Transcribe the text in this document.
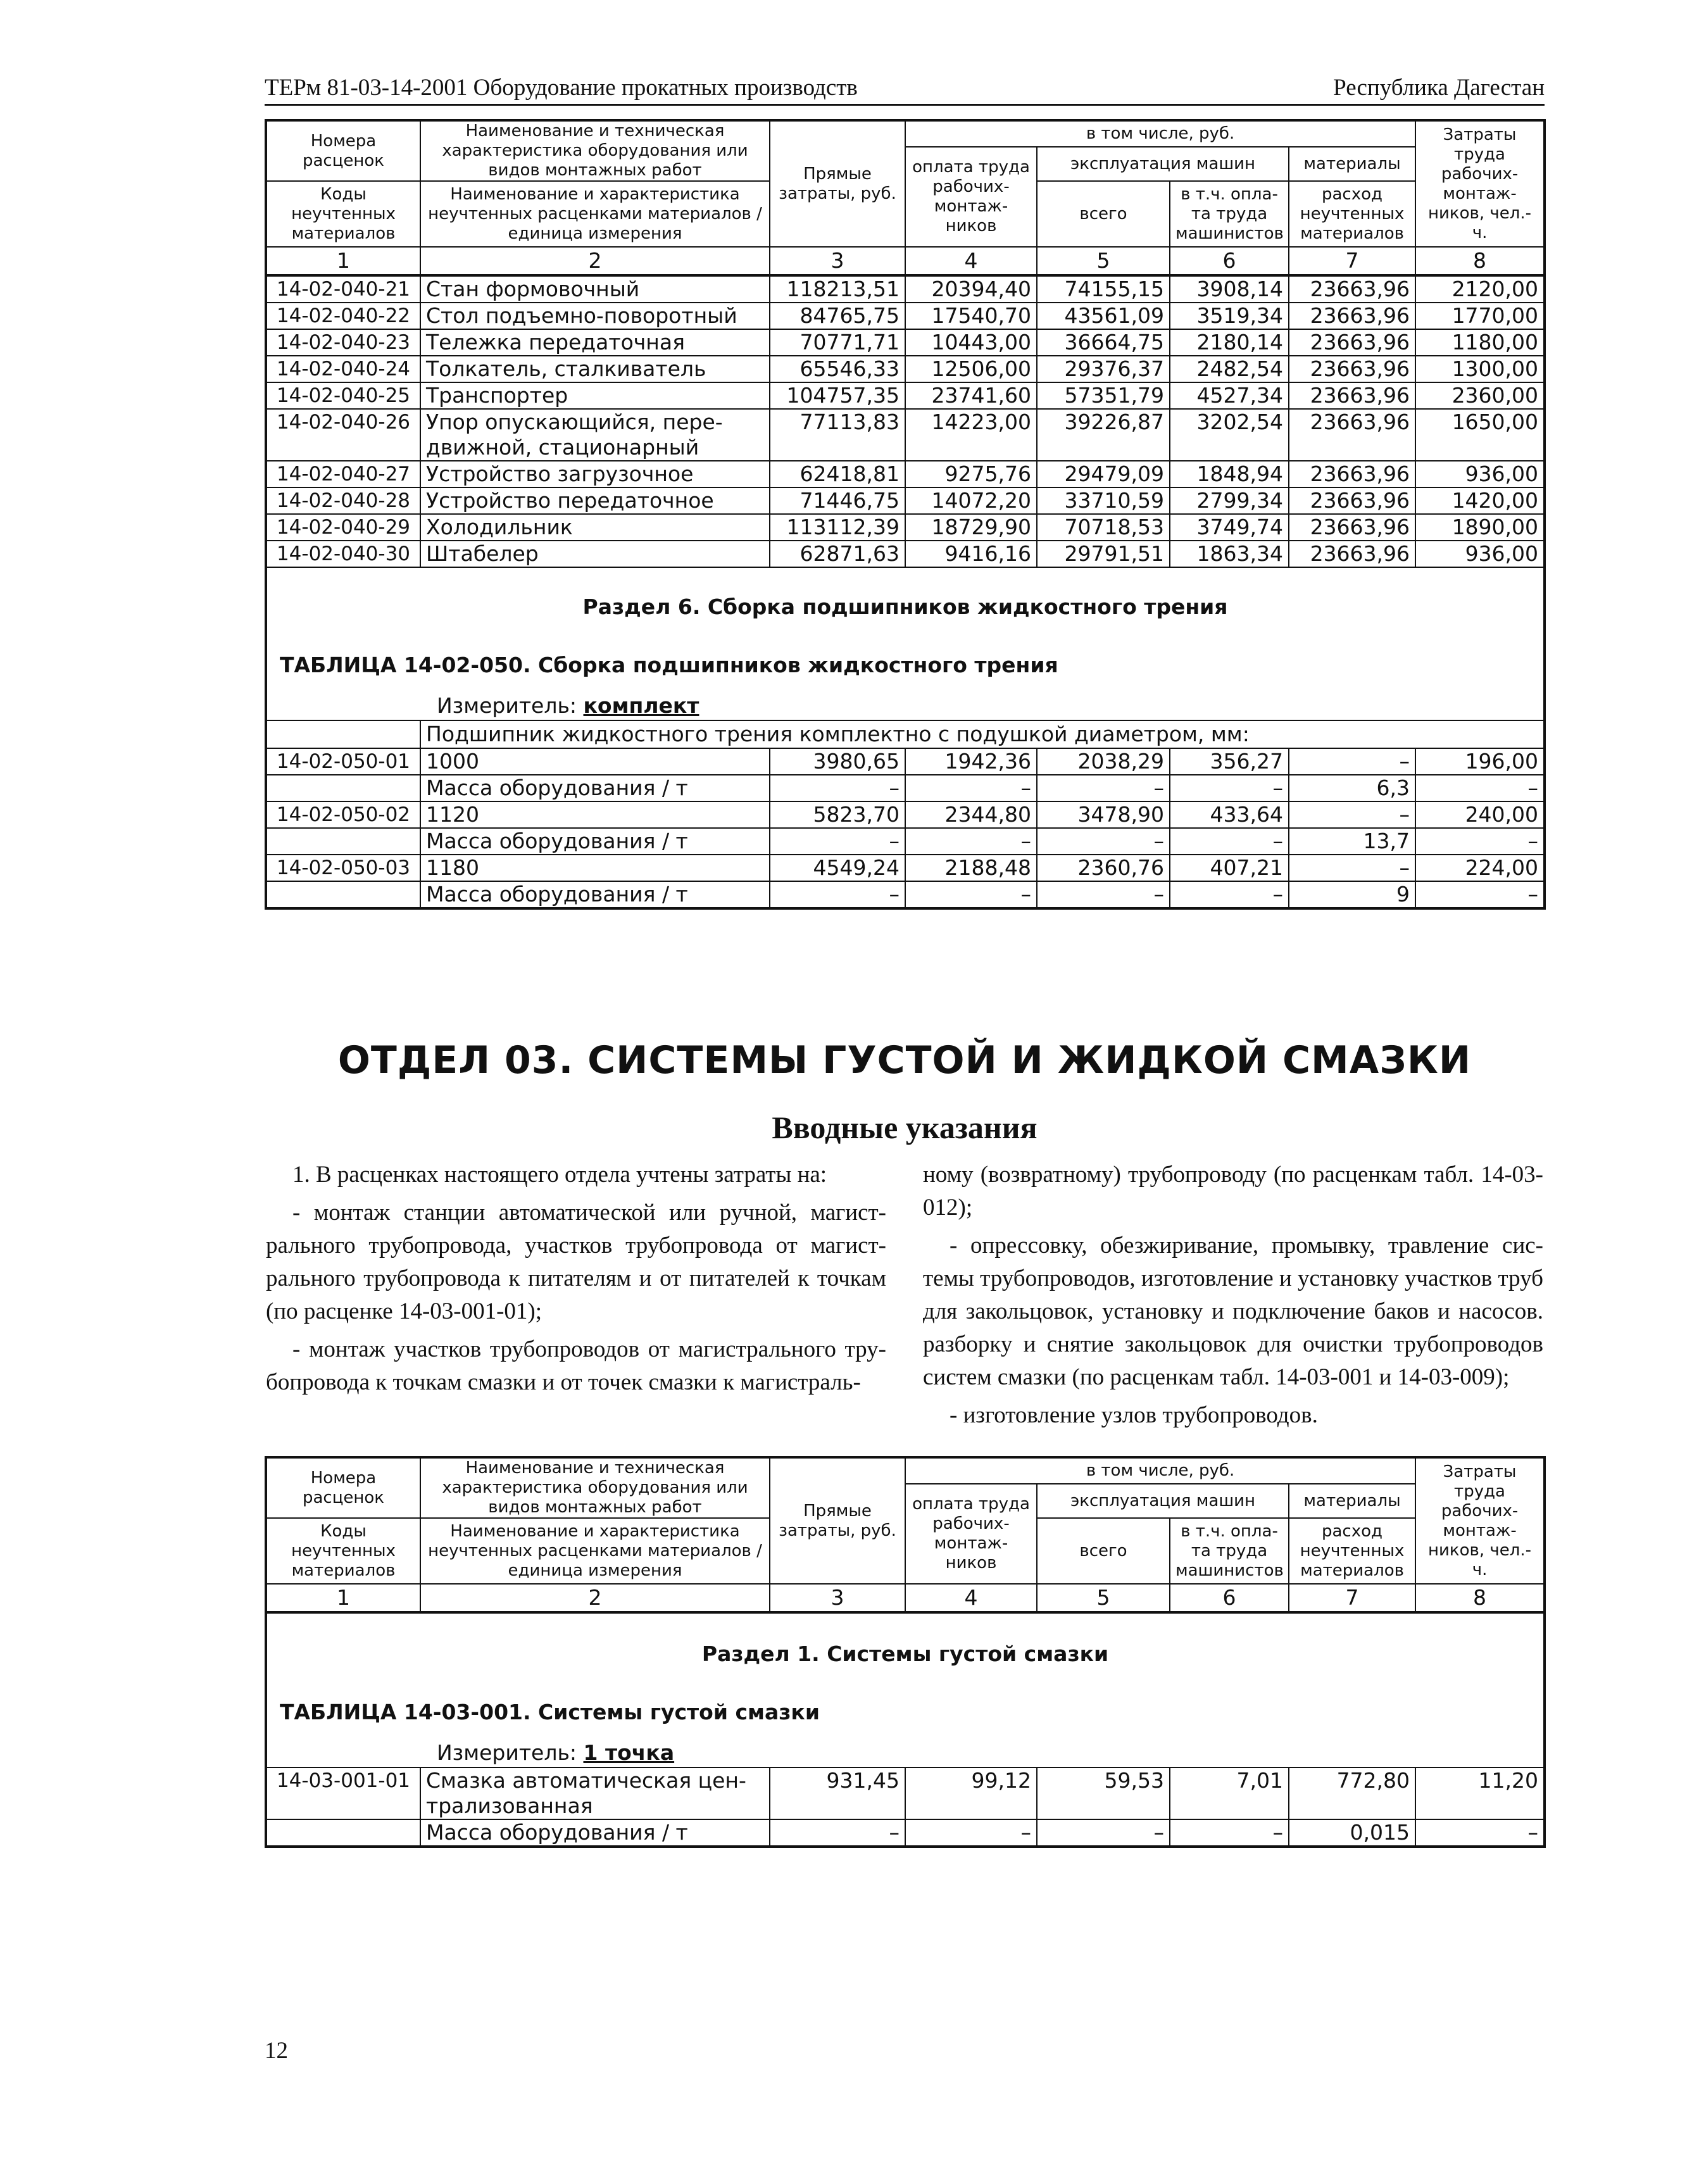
ТЕРм 81-03-14-2001 Оборудование прокатных производств	Республика Дагестан
Номера расценок	Наименование и техническая характеристика оборудования или видов монтажных работ	Прямые затраты, руб.	в том числе, руб.				Затраты труда рабочих-монтаж-ников, чел.-ч.
			оплата труда рабочих-монтаж-ников	эксплуатация машин		материалы	
Коды неучтенных материалов	Наименование и характеристика неучтенных расценками материалов / единица измерения			всего	в т.ч. опла-та труда машинистов	расход неучтенных материалов	

1	2	3	4	5	6	7	8
14-02-040-21	Стан формовочный	118213,51	20394,40	74155,15	3908,14	23663,96	2120,00
14-02-040-22	Стол подъемно-поворотный	84765,75	17540,70	43561,09	3519,34	23663,96	1770,00
14-02-040-23	Тележка передаточная	70771,71	10443,00	36664,75	2180,14	23663,96	1180,00
14-02-040-24	Толкатель, сталкиватель	65546,33	12506,00	29376,37	2482,54	23663,96	1300,00
14-02-040-25	Транспортер	104757,35	23741,60	57351,79	4527,34	23663,96	2360,00
14-02-040-26	Упор опускающийся, пере-движной, стационарный	77113,83	14223,00	39226,87	3202,54	23663,96	1650,00
14-02-040-27	Устройство загрузочное	62418,81	9275,76	29479,09	1848,94	23663,96	936,00
14-02-040-28	Устройство передаточное	71446,75	14072,20	33710,59	2799,34	23663,96	1420,00
14-02-040-29	Холодильник	113112,39	18729,90	70718,53	3749,74	23663,96	1890,00
14-02-040-30	Штабелер	62871,63	9416,16	29791,51	1863,34	23663,96	936,00
Раздел 6. Сборка подшипников жидкостного трения							
ТАБЛИЦА 14-02-050. Сборка подшипников жидкостного трения							
Измеритель: комплект							
	Подшипник жидкостного трения комплектно с подушкой диаметром, мм:						
14-02-050-01	1000	3980,65	1942,36	2038,29	356,27	–	196,00
	Масса оборудования / т	–	–	–	–	6,3	–
14-02-050-02	1120	5823,70	2344,80	3478,90	433,64	–	240,00
	Масса оборудования / т	–	–	–	–	13,7	–
14-02-050-03	1180	4549,24	2188,48	2360,76	407,21	–	224,00
	Масса оборудования / т	–	–	–	–	9	–
ОТДЕЛ 03. СИСТЕМЫ ГУСТОЙ И ЖИДКОЙ СМАЗКИ
Вводные указания

1. В расценках настоящего отдела учтены затраты на:

- монтаж станции автоматической или ручной, магист-рального трубопровода, участков трубопровода от магист-рального трубопровода к питателям и от питателей к точкам (по расценке 14-03-001-01);

- монтаж участков трубопроводов от магистрального тру-бопровода к точкам смазки и от точек смазки к магистраль-

ному (возвратному) трубопроводу (по расценкам табл. 14-03-012);

- опрессовку, обезжиривание, промывку, травление сис-темы трубопроводов, изготовление и установку участков труб для закольцовок, установку и подключение баков и насосов. разборку и снятие закольцовок для очистки трубопроводов систем смазки (по расценкам табл. 14-03-001 и 14-03-009);

- изготовление узлов трубопроводов.

Номера расценок	Наименование и техническая характеристика оборудования или видов монтажных работ	Прямые затраты, руб.	в том числе, руб.				Затраты труда рабочих-монтаж-ников, чел.-ч.
			оплата труда рабочих-монтаж-ников	эксплуатация машин		материалы	
Коды неучтенных материалов	Наименование и характеристика неучтенных расценками материалов / единица измерения			всего	в т.ч. опла-та труда машинистов	расход неучтенных материалов	

1	2	3	4	5	6	7	8
Раздел 1. Системы густой смазки							
ТАБЛИЦА 14-03-001. Системы густой смазки							
Измеритель: 1 точка							
14-03-001-01	Смазка автоматическая цен-трализованная	931,45	99,12	59,53	7,01	772,80	11,20
	Масса оборудования / т	–	–	–	–	0,015	–
12
